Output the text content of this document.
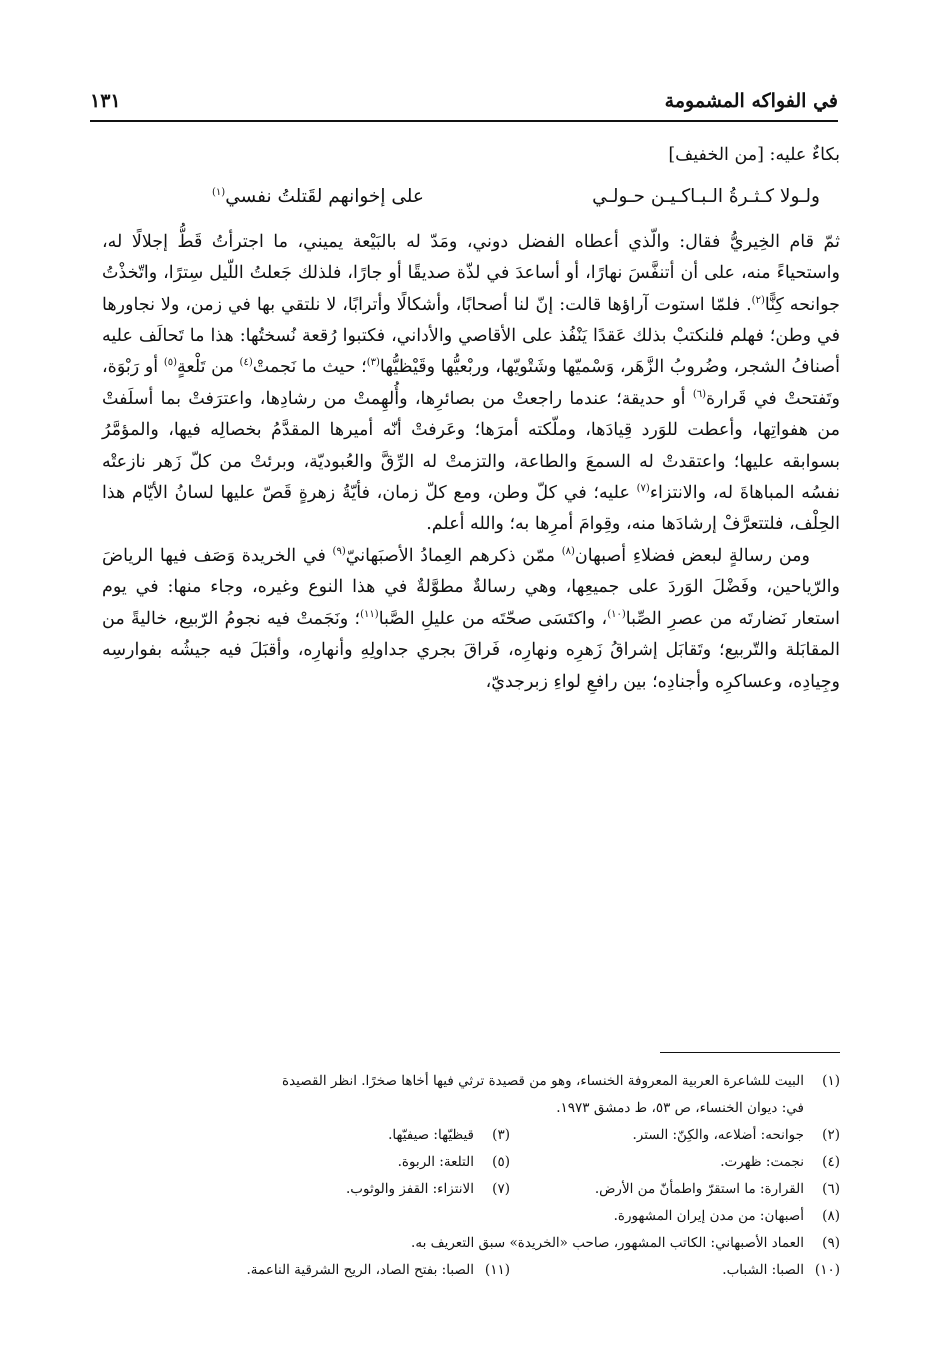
في الفواكه المشمومة
١٣١

بكاءٌ عليه: [من الخفيف]

ولـولا كـثـرةُ الـبـاكـيـن حـولـي
على إخوانهم لقَتلتُ نفسي$^{(١)}$

ثمّ قام الخِيريُّ فقال: والّذي أعطاه الفضل دوني، ومَدّ له بالبَيْعة يميني، ما اجترأتُ قَطُّ إجلالًا له، واستحياءً منه، على أن أتنفَّسَ نهارًا، أو أساعدَ في لذّة صديقًا أو جارًا، فلذلك جَعلتُ اللّيل سِترًا، واتّخذْتُ جوانحه كِنًّا$^{(٢)}$. فلمّا استوت آراؤها قالت: إنّ لنا أصحابًا، وأشكالًا وأترابًا، لا نلتقي بها في زمن، ولا نجاورها في وطن؛ فهلم فلنكتبْ بذلك عَقدًا يَنْفُذ على الأقاصي والأداني، فكتبوا رُقعة نُسختُها: هذا ما تَحالَف عليه أصنافُ الشجر، وضُروبُ الزَّهَر، وَسْميّها وشَتْويّها، وربْعيُّها وقَيْظيُّها$^{(٣)}$؛ حيث ما نَجمتْ$^{(٤)}$ من تَلْعةٍ$^{(٥)}$ أو رَبْوَة، وتَفتحتْ في قَرارة$^{(٦)}$ أو حديقة؛ عندما راجعتْ من بصائرِها، وأُلهِمتْ من رشادِها، واعترَفتْ بما أسلَفتْ من هفواتِها، وأعطت للوَرد قِيادَها، وملّكته أمرَها؛ وعَرفتْ أنّه أميرها المقدَّمُ بخصالِه فيها، والمؤمَّرُ بسوابقه عليها؛ واعتقدتْ له السمعَ والطاعة، والتزمتْ له الرِّقَّ والعُبوديّة، وبرئتْ من كلّ زَهر نازعتْه نفسُه المباهاةَ له، والانتزاء$^{(٧)}$ عليه؛ في كلّ وطن، ومع كلّ زمان، فأيّةُ زهرةٍ قَصّ عليها لسانُ الأيّام هذا الحِلْف، فلتتعرَّفْ إرشادَها منه، وقِوامَ أمرِها به؛ والله أعلم.

ومن رسالةٍ لبعض فضلاءِ أصبهان$^{(٨)}$ ممّن ذكرهم العِمادُ الأصبَهانيّ$^{(٩)}$ في الخريدة وَصَف فيها الرياضَ والرّياحين، وفَضْلَ الوَردَ على جميعِها، وهي رسالةٌ مطوَّلةٌ في هذا النوع وغيره، وجاء منها: في يوم استعار نَضارتَه من عصرِ الصِّبا$^{(١٠)}$، واكتَسَى صحّتَه من عليلِ الصَّبا$^{(١١)}$؛ ونَجَمتْ فيه نجومُ الرّبيع، خاليةً من المقابَلة والتّربيع؛ وتَقابَل إشراقُ زَهرِه ونهارِه، فَراقَ بجري جداولِهِ وأنهارِه، وأقبَلَ فيه جيشُه بفوارسِه وجِيادِه، وعساكرِه وأجنادِه؛ بين رافعِ لواءِ زبرجديّ،

(١)
البيت للشاعرة العربية المعروفة الخنساء، وهو من قصيدة ترثي فيها أخاها صخرًا. انظر القصيدة
في: ديوان الخنساء، ص ٥٣، ط دمشق ١٩٧٣.
(٢)
جوانحه: أضلاعه، والكِنّ: الستر.
(٣)
قيظيّها: صيفيّها.
(٤)
نجمت: ظهرت.
(٥)
التلعة: الربوة.
(٦)
القرارة: ما استقرّ واطمأنّ من الأرض.
(٧)
الانتزاء: القفز والوثوب.
(٨)
أصبهان: من مدن إيران المشهورة.
(٩)
العماد الأصبهاني: الكاتب المشهور، صاحب «الخريدة» سبق التعريف به.
(١٠)
الصبا: الشباب.
(١١)
الصبا: بفتح الصاد، الريح الشرقية الناعمة.
